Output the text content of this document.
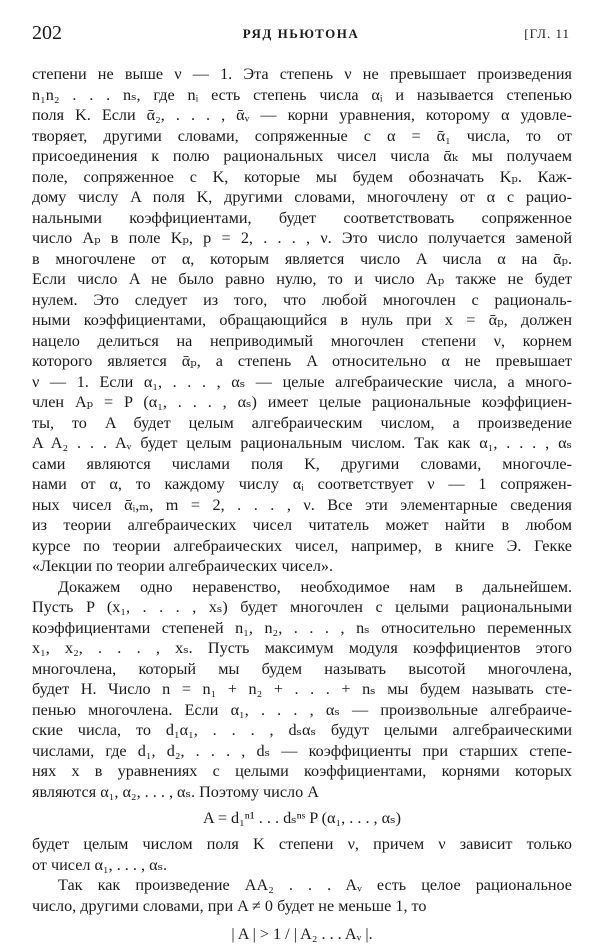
202	РЯД НЬЮТОНА	[ГЛ. 11
степени не выше ν — 1. Эта степень ν не превышает произведения
n₁n₂ . . . nₛ, где nᵢ есть степень числа αᵢ и называется степенью
поля K. Если ᾱ₂, . . . , ᾱᵥ — корни уравнения, которому α удовле-
творяет, другими словами, сопряженные с α = ᾱ₁ числа, то от
присоединения к полю рациональных чисел числа ᾱₖ мы получаем
поле, сопряженное с K, которые мы будем обозначать Kₚ. Каж-
дому числу A поля K, другими словами, многочлену от α с рацио-
нальными коэффициентами, будет соответствовать сопряженное
число Aₚ в поле Kₚ, p = 2, . . . , ν. Это число получается заменой
в многочлене от α, которым является число A числа α на ᾱₚ.
Если число A не было равно нулю, то и число Aₚ также не будет
нулем. Это следует из того, что любой многочлен с рациональ-
ными коэффициентами, обращающийся в нуль при x = ᾱₚ, должен
нацело делиться на неприводимый многочлен степени ν, корнем
которого является ᾱₚ, а степень A относительно α не превышает
ν — 1. Если α₁, . . . , αₛ — целые алгебраические числа, а много-
член Aₚ = P (α₁, . . . , αₛ) имеет целые рациональные коэффициен-
ты, то A будет целым алгебраическим числом, а произведение
A A₂ . . . Aᵥ будет целым рациональным числом. Так как α₁, . . . , αₛ
сами являются числами поля K, другими словами, многочле-
нами от α, то каждому числу αᵢ соответствует ν — 1 сопряжен-
ных чисел ᾱᵢ,ₘ, m = 2, . . . , ν. Все эти элементарные сведения
из теории алгебраических чисел читатель может найти в любом
курсе по теории алгебраических чисел, например, в книге Э. Гекке
«Лекции по теории алгебраических чисел».
Докажем одно неравенство, необходимое нам в дальнейшем.
Пусть P (x₁, . . . , xₛ) будет многочлен с целыми рациональными
коэффициентами степеней n₁, n₂, . . . , nₛ относительно переменных
x₁, x₂, . . . , xₛ. Пусть максимум модуля коэффициентов этого
многочлена, который мы будем называть высотой многочлена,
будет H. Число n = n₁ + n₂ + . . . + nₛ мы будем называть сте-
пенью многочлена. Если α₁, . . . , αₛ — произвольные алгебраиче-
ские числа, то d₁α₁, . . . , dₛαₛ будут целыми алгебраическими
числами, где d₁, d₂, . . . , dₛ — коэффициенты при старших степе-
нях x в уравнениях с целыми коэффициентами, корнями которых
являются α₁, α₂, . . . , αₛ. Поэтому число A
A = d₁ⁿ¹ . . . dₛⁿˢ P (α₁, . . . , αₛ)
будет целым числом поля K степени ν, причем ν зависит только
от чисел α₁, . . . , αₛ.
Так как произведение AA₂ . . . Aᵥ есть целое рациональное
число, другими словами, при A ≠ 0 будет не меньше 1, то
| A | > 1 / | A₂ . . . Aᵥ |.
